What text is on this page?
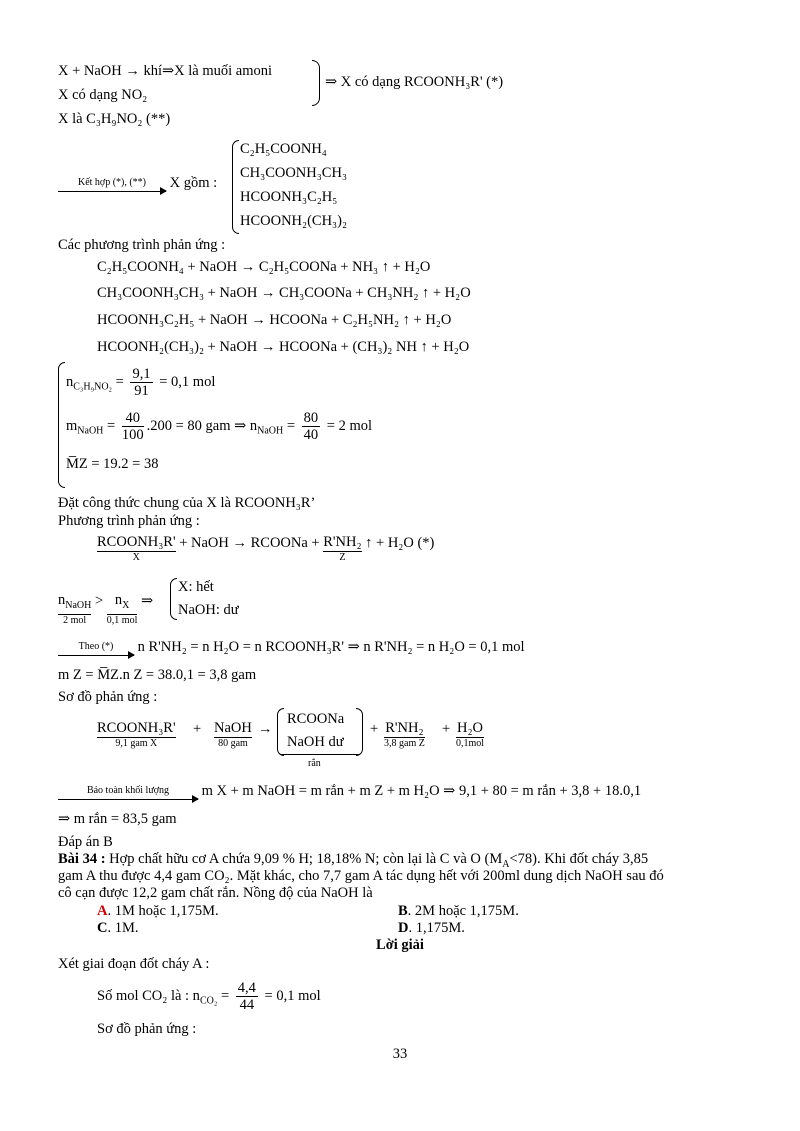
X + NaOH → khí⇒X là muối amoni
X có dạng NO₂
⇒ X có dạng RCOONH₃R' (*)
X là C₃H₉NO₂ (**)
Kết hợp (*), (**)	X gồm :
C₂H₅COONH₄
CH₃COONH₃CH₃
HCOONH₃C₂H₅
HCOONH₂(CH₃)₂
Các phương trình phản ứng :
C₂H₅COONH₄ + NaOH → C₂H₅COONa + NH₃ ↑ + H₂O
CH₃COONH₃CH₃ + NaOH → CH₃COONa + CH₃NH₂ ↑ + H₂O
HCOONH₃C₂H₅ + NaOH → HCOONa + C₂H₅NH₂ ↑ + H₂O
HCOONH₂(CH₃)₂ + NaOH → HCOONa + (CH₃)₂ NH ↑ + H₂O
$n_{C_3H_9NO_2} = \frac{9,1}{91} = 0,1$ mol
$m_{NaOH} = \frac{40}{100} .200 = 80$ gam ⇒ $n_{NaOH} = \frac{80}{40} = 2$ mol
M̅Z = 19.2 = 38
Đặt công thức chung của X là RCOONH₃R’
Phương trình phản ứng :
RCOONH₃R'
X
+ NaOH → RCOONa + R'NH₂
Z
↑ + H₂O (*)
$n_{NaOH}$
2 mol
> $n_X$
0,1 mol
⇒
X: hết
NaOH: dư
Theo (*)	n R'NH₂ = n H₂O = n RCOONH₃R' ⇒ n R'NH₂ = n H₂O = 0,1 mol
m Z = M̅Z.n Z = 38.0,1 = 3,8 gam
Sơ đồ phản ứng :
RCOONH₃R'
9,1 gam X
+ NaOH
80 gam
→
RCOONa
NaOH dư
rắn
+ R'NH₂
3,8 gam Z
+ H₂O
0,1mol
Bảo toàn khối lượng	m X + m NaOH = m rắn + m Z + m H₂O ⇒ 9,1 + 80 = m rắn + 3,8 + 18.0,1
⇒ m rắn = 83,5 gam
Đáp án B
Bài 34 : Hợp chất hữu cơ A chứa 9,09 % H; 18,18% N; còn lại là C và O $(M_A<78)$. Khi đốt cháy 3,85
gam A thu được 4,4 gam CO₂. Mặt khác, cho 7,7 gam A tác dụng hết với 200ml dung dịch NaOH sau đó
cô cạn được 12,2 gam chất rắn. Nồng độ của NaOH là
A. 1M hoặc 1,175M.	B. 2M hoặc 1,175M.
C. 1M.	D. 1,175M.
Lời giải
Xét giai đoạn đốt cháy A :
Số mol CO₂ là : $n_{CO_2} = \frac{4,4}{44} = 0,1$ mol
Sơ đồ phản ứng :
33
